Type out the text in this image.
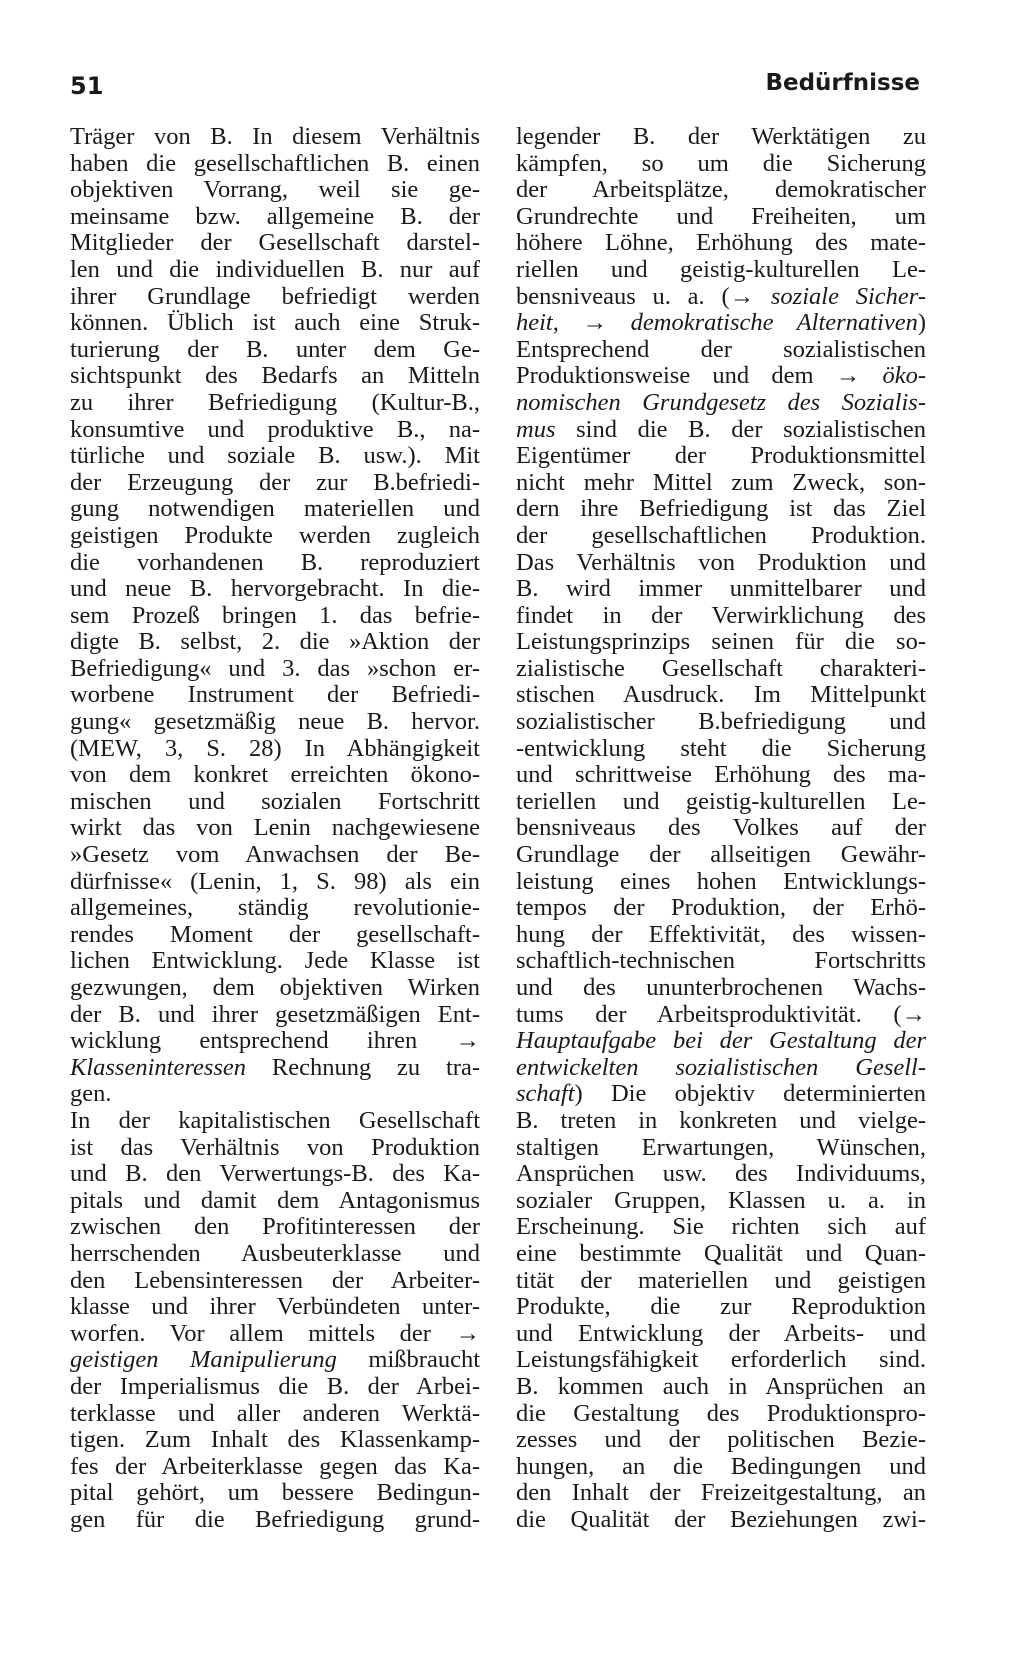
51	Bedürfnisse
Träger von B. In diesem Verhältnis
haben die gesellschaftlichen B. einen
objektiven Vorrang, weil sie ge-
meinsame bzw. allgemeine B. der
Mitglieder der Gesellschaft darstel-
len und die individuellen B. nur auf
ihrer Grundlage befriedigt werden
können. Üblich ist auch eine Struk-
turierung der B. unter dem Ge-
sichtspunkt des Bedarfs an Mitteln
zu ihrer Befriedigung (Kultur-B.,
konsumtive und produktive B., na-
türliche und soziale B. usw.). Mit
der Erzeugung der zur B.befriedi-
gung notwendigen materiellen und
geistigen Produkte werden zugleich
die vorhandenen B. reproduziert
und neue B. hervorgebracht. In die-
sem Prozeß bringen 1. das befrie-
digte B. selbst, 2. die »Aktion der
Befriedigung« und 3. das »schon er-
worbene Instrument der Befriedi-
gung« gesetzmäßig neue B. hervor.
(MEW, 3, S. 28) In Abhängigkeit
von dem konkret erreichten ökono-
mischen und sozialen Fortschritt
wirkt das von Lenin nachgewiesene
»Gesetz vom Anwachsen der Be-
dürfnisse« (Lenin, 1, S. 98) als ein
allgemeines, ständig revolutionie-
rendes Moment der gesellschaft-
lichen Entwicklung. Jede Klasse ist
gezwungen, dem objektiven Wirken
der B. und ihrer gesetzmäßigen Ent-
wicklung entsprechend ihren →
Klasseninteressen Rechnung zu tra-
gen.
In der kapitalistischen Gesellschaft
ist das Verhältnis von Produktion
und B. den Verwertungs-B. des Ka-
pitals und damit dem Antagonismus
zwischen den Profitinteressen der
herrschenden Ausbeuterklasse und
den Lebensinteressen der Arbeiter-
klasse und ihrer Verbündeten unter-
worfen. Vor allem mittels der →
geistigen Manipulierung mißbraucht
der Imperialismus die B. der Arbei-
terklasse und aller anderen Werktä-
tigen. Zum Inhalt des Klassenkamp-
fes der Arbeiterklasse gegen das Ka-
pital gehört, um bessere Bedingun-
gen für die Befriedigung grund-
legender B. der Werktätigen zu
kämpfen, so um die Sicherung
der Arbeitsplätze, demokratischer
Grundrechte und Freiheiten, um
höhere Löhne, Erhöhung des mate-
riellen und geistig-kulturellen Le-
bensniveaus u. a. (→ soziale Sicher-
heit, → demokratische Alternativen)
Entsprechend der sozialistischen
Produktionsweise und dem → öko-
nomischen Grundgesetz des Sozialis-
mus sind die B. der sozialistischen
Eigentümer der Produktionsmittel
nicht mehr Mittel zum Zweck, son-
dern ihre Befriedigung ist das Ziel
der gesellschaftlichen Produktion.
Das Verhältnis von Produktion und
B. wird immer unmittelbarer und
findet in der Verwirklichung des
Leistungsprinzips seinen für die so-
zialistische Gesellschaft charakteri-
stischen Ausdruck. Im Mittelpunkt
sozialistischer B.befriedigung und
-entwicklung steht die Sicherung
und schrittweise Erhöhung des ma-
teriellen und geistig-kulturellen Le-
bensniveaus des Volkes auf der
Grundlage der allseitigen Gewähr-
leistung eines hohen Entwicklungs-
tempos der Produktion, der Erhö-
hung der Effektivität, des wissen-
schaftlich-technischen Fortschritts
und des ununterbrochenen Wachs-
tums der Arbeitsproduktivität. (→
Hauptaufgabe bei der Gestaltung der
entwickelten sozialistischen Gesell-
schaft) Die objektiv determinierten
B. treten in konkreten und vielge-
staltigen Erwartungen, Wünschen,
Ansprüchen usw. des Individuums,
sozialer Gruppen, Klassen u. a. in
Erscheinung. Sie richten sich auf
eine bestimmte Qualität und Quan-
tität der materiellen und geistigen
Produkte, die zur Reproduktion
und Entwicklung der Arbeits- und
Leistungsfähigkeit erforderlich sind.
B. kommen auch in Ansprüchen an
die Gestaltung des Produktionspro-
zesses und der politischen Bezie-
hungen, an die Bedingungen und
den Inhalt der Freizeitgestaltung, an
die Qualität der Beziehungen zwi-
